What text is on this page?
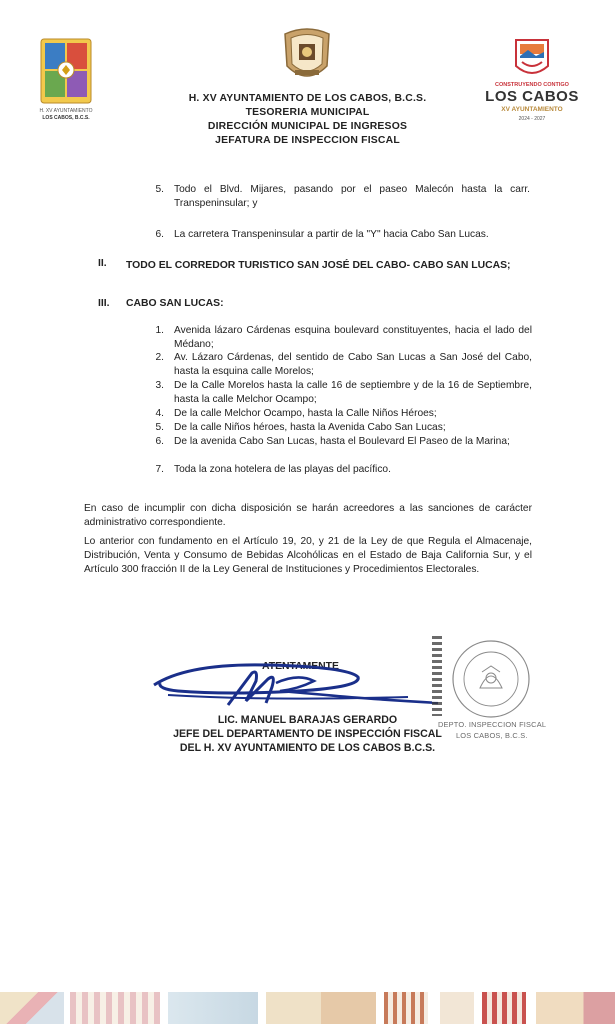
H. XV AYUNTAMIENTO
LOS CABOS, B.C.S.
H. XV AYUNTAMIENTO DE LOS CABOS, B.C.S.
TESORERIA MUNICIPAL
DIRECCIÓN MUNICIPAL DE INGRESOS
JEFATURA DE INSPECCION FISCAL
CONSTRUYENDO CONTIGO
LOS CABOS
XV AYUNTAMIENTO
2024 - 2027
5. Todo el Blvd. Mijares, pasando por el paseo Malecón hasta la carr. Transpeninsular; y
6. La carretera Transpeninsular a partir de la "Y" hacia Cabo San Lucas.
II. TODO EL CORREDOR TURISTICO SAN JOSÉ DEL CABO- CABO SAN LUCAS;
III. CABO SAN LUCAS:
1. Avenida lázaro Cárdenas esquina boulevard constituyentes, hacia el lado del Médano;
2. Av. Lázaro Cárdenas, del sentido de Cabo San Lucas a San José del Cabo, hasta la esquina calle Morelos;
3. De la Calle Morelos hasta la calle 16 de septiembre y de la 16 de Septiembre, hasta la calle Melchor Ocampo;
4. De la calle Melchor Ocampo, hasta la Calle Niños Héroes;
5. De la calle Niños héroes, hasta la Avenida Cabo San Lucas;
6. De la avenida Cabo San Lucas, hasta el Boulevard El Paseo de la Marina;
7. Toda la zona hotelera de las playas del pacífico.
En caso de incumplir con dicha disposición se harán acreedores a las sanciones de carácter administrativo correspondiente.
Lo anterior con fundamento en el Artículo 19, 20, y 21 de la Ley de que Regula el Almacenaje, Distribución, Venta y Consumo de Bebidas Alcohólicas en el Estado de Baja California Sur, y el Artículo 300 fracción II de la Ley General de Instituciones y Procedimientos Electorales.
ATENTAMENTE
LIC. MANUEL BARAJAS GERARDO
JEFE DEL DEPARTAMENTO DE INSPECCIÓN FISCAL
DEL H. XV AYUNTAMIENTO DE LOS CABOS B.C.S.
DEPTO. INSPECCION FISCAL
LOS CABOS, B.C.S.
